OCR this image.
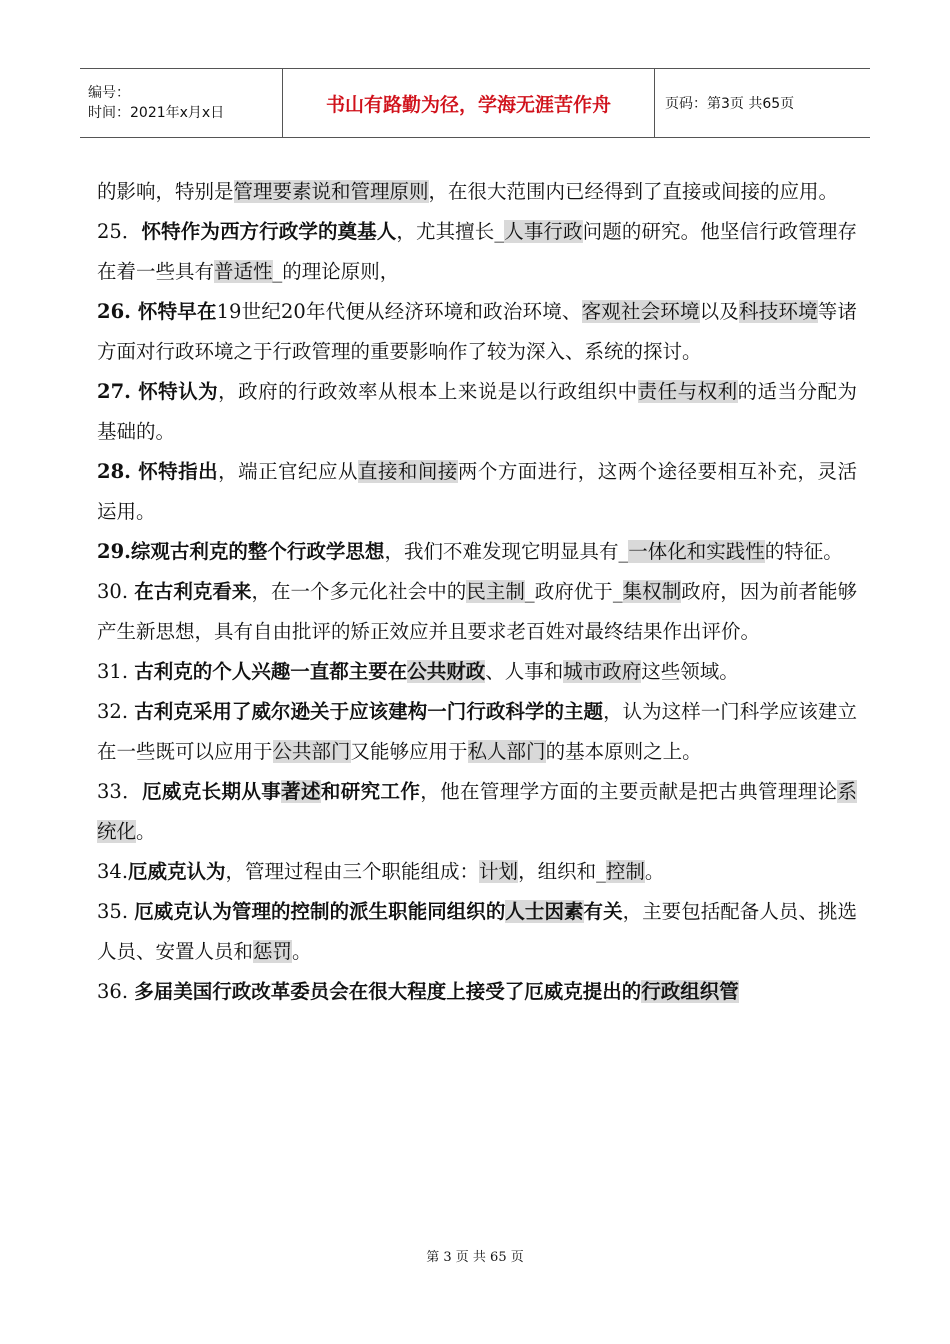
编号：
时间：2021年x月x日	书山有路勤为径，学海无涯苦作舟	页码：第3页 共65页

的影响，特别是管理要素说和管理原则，在很大范围内已经得到了直接或间接的应用。

25．怀特作为西方行政学的奠基人，尤其擅长_人事行政问题的研究。他坚信行政管理存在着一些具有普适性_的理论原则，

26. 怀特早在19世纪20年代便从经济环境和政治环境、客观社会环境以及科技环境等诸方面对行政环境之于行政管理的重要影响作了较为深入、系统的探讨。

27. 怀特认为，政府的行政效率从根本上来说是以行政组织中责任与权利的适当分配为基础的。

28. 怀特指出，端正官纪应从直接和间接两个方面进行，这两个途径要相互补充，灵活运用。

29.综观古利克的整个行政学思想，我们不难发现它明显具有_一体化和实践性的特征。

30. 在古利克看来，在一个多元化社会中的民主制_政府优于_集权制政府，因为前者能够产生新思想，具有自由批评的矫正效应并且要求老百姓对最终结果作出评价。

31. 古利克的个人兴趣一直都主要在公共财政、人事和城市政府这些领域。

32. 古利克采用了威尔逊关于应该建构一门行政科学的主题，认为这样一门科学应该建立在一些既可以应用于公共部门又能够应用于私人部门的基本原则之上。

33．厄威克长期从事著述和研究工作，他在管理学方面的主要贡献是把古典管理理论系统化。

34.厄威克认为，管理过程由三个职能组成：计划，组织和_控制。

35. 厄威克认为管理的控制的派生职能同组织的人士因素有关，主要包括配备人员、挑选人员、安置人员和惩罚。

36. 多届美国行政改革委员会在很大程度上接受了厄威克提出的行政组织管

第 3 页 共 65 页
